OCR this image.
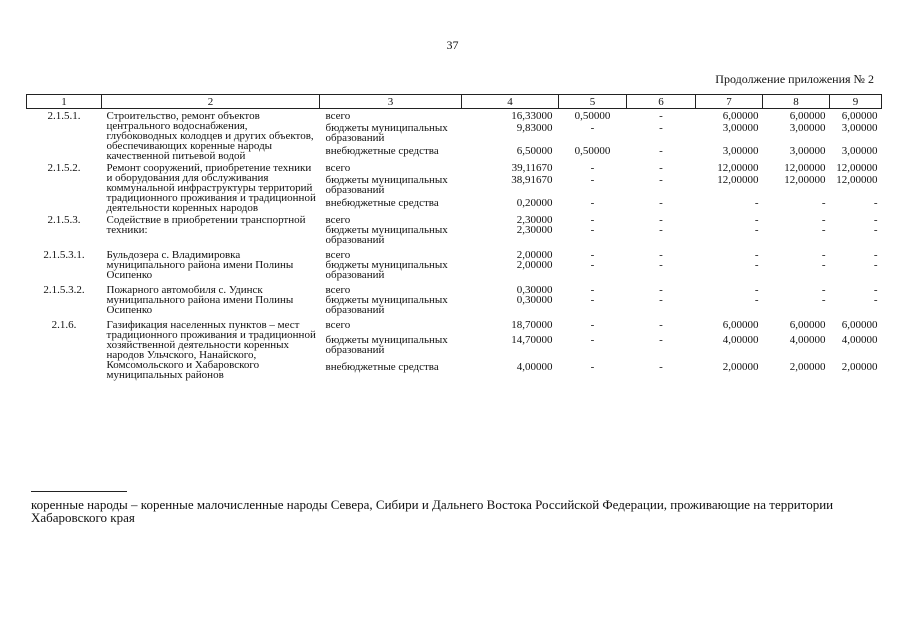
37
Продолжение приложения № 2
1	2	3	4	5	6	7	8	9
2.1.5.1.	Строительство, ремонт объектов центрального водоснабжения, глубоководных колодцев и других объектов, обеспечивающих коренные народы качественной питьевой водой	всего	16,33000	0,50000	-	6,00000	6,00000	6,00000
		бюджеты муниципальных образований	9,83000	-	-	3,00000	3,00000	3,00000
		внебюджетные средства	6,50000	0,50000	-	3,00000	3,00000	3,00000
2.1.5.2.	Ремонт сооружений, приобретение техники и оборудования для обслуживания коммунальной инфраструктуры территорий традиционного проживания и традиционной деятельности коренных народов	всего	39,11670	-	-	12,00000	12,00000	12,00000
		бюджеты муниципальных образований	38,91670	-	-	12,00000	12,00000	12,00000
		внебюджетные средства	0,20000	-	-	-	-	-
2.1.5.3.	Содействие в приобретении транспортной техники:	всего	2,30000	-	-	-	-	-
		бюджеты муниципальных образований	2,30000	-	-	-	-	-
2.1.5.3.1.	Бульдозера с. Владимировка муниципального района имени Полины Осипенко	всего	2,00000	-	-	-	-	-
		бюджеты муниципальных образований	2,00000	-	-	-	-	-
2.1.5.3.2.	Пожарного автомобиля с. Удинск муниципального района имени Полины Осипенко	всего	0,30000	-	-	-	-	-
		бюджеты муниципальных образований	0,30000	-	-	-	-	-
2.1.6.	Газификация населенных пунктов – мест традиционного проживания и традиционной хозяйственной деятельности коренных народов Ульчского, Нанайского, Комсомольского и Хабаровского муниципальных районов	всего	18,70000	-	-	6,00000	6,00000	6,00000
		бюджеты муниципальных образований	14,70000	-	-	4,00000	4,00000	4,00000
		внебюджетные средства	4,00000	-	-	2,00000	2,00000	2,00000
коренные народы – коренные малочисленные народы Севера, Сибири и Дальнего Востока Российской Федерации, проживающие на территории Хабаровского края
